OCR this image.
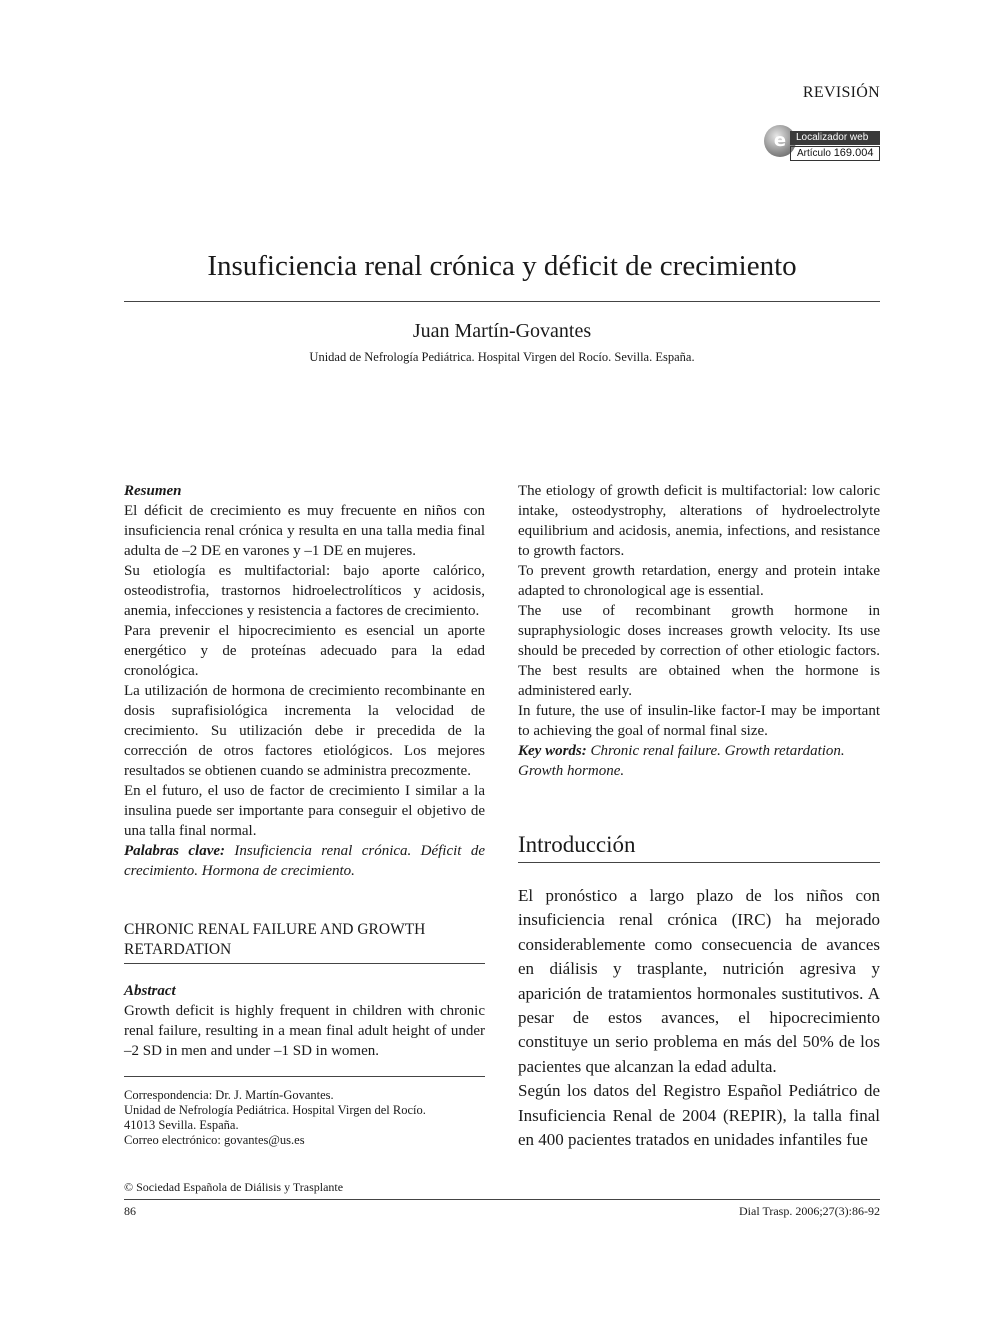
REVISIÓN
e Localizador web
Artículo 169.004
Insuficiencia renal crónica y déficit de crecimiento
Juan Martín-Govantes
Unidad de Nefrología Pediátrica. Hospital Virgen del Rocío. Sevilla. España.
Resumen

El déficit de crecimiento es muy frecuente en niños con insuficiencia renal crónica y resulta en una talla media final adulta de –2 DE en varones y –1 DE en mujeres.

Su etiología es multifactorial: bajo aporte calórico, osteodistrofia, trastornos hidroelectrolíticos y acidosis, anemia, infecciones y resistencia a factores de crecimiento.

Para prevenir el hipocrecimiento es esencial un aporte energético y de proteínas adecuado para la edad cronológica.

La utilización de hormona de crecimiento recombinante en dosis suprafisiológica incrementa la velocidad de crecimiento. Su utilización debe ir precedida de la corrección de otros factores etiológicos. Los mejores resultados se obtienen cuando se administra precozmente.

En el futuro, el uso de factor de crecimiento I similar a la insulina puede ser importante para conseguir el objetivo de una talla final normal.

Palabras clave: Insuficiencia renal crónica. Déficit de crecimiento. Hormona de crecimiento.

CHRONIC RENAL FAILURE AND GROWTH RETARDATION
Abstract

Growth deficit is highly frequent in children with chronic renal failure, resulting in a mean final adult height of under –2 SD in men and under –1 SD in women.

Correspondencia: Dr. J. Martín-Govantes.
Unidad de Nefrología Pediátrica. Hospital Virgen del Rocío.
41013 Sevilla. España.
Correo electrónico: govantes@us.es

The etiology of growth deficit is multifactorial: low caloric intake, osteodystrophy, alterations of hydroelectrolyte equilibrium and acidosis, anemia, infections, and resistance to growth factors.

To prevent growth retardation, energy and protein intake adapted to chronological age is essential.

The use of recombinant growth hormone in supraphysiologic doses increases growth velocity. Its use should be preceded by correction of other etiologic factors. The best results are obtained when the hormone is administered early.

In future, the use of insulin-like factor-I may be important to achieving the goal of normal final size.

Key words: Chronic renal failure. Growth retardation. Growth hormone.

Introducción

El pronóstico a largo plazo de los niños con insuficiencia renal crónica (IRC) ha mejorado considerablemente como consecuencia de avances en diálisis y trasplante, nutrición agresiva y aparición de tratamientos hormonales sustitutivos. A pesar de estos avances, el hipocrecimiento constituye un serio problema en más del 50% de los pacientes que alcanzan la edad adulta.

Según los datos del Registro Español Pediátrico de Insuficiencia Renal de 2004 (REPIR), la talla final en 400 pacientes tratados en unidades infantiles fue

© Sociedad Española de Diálisis y Trasplante
86	Dial Trasp. 2006;27(3):86-92
